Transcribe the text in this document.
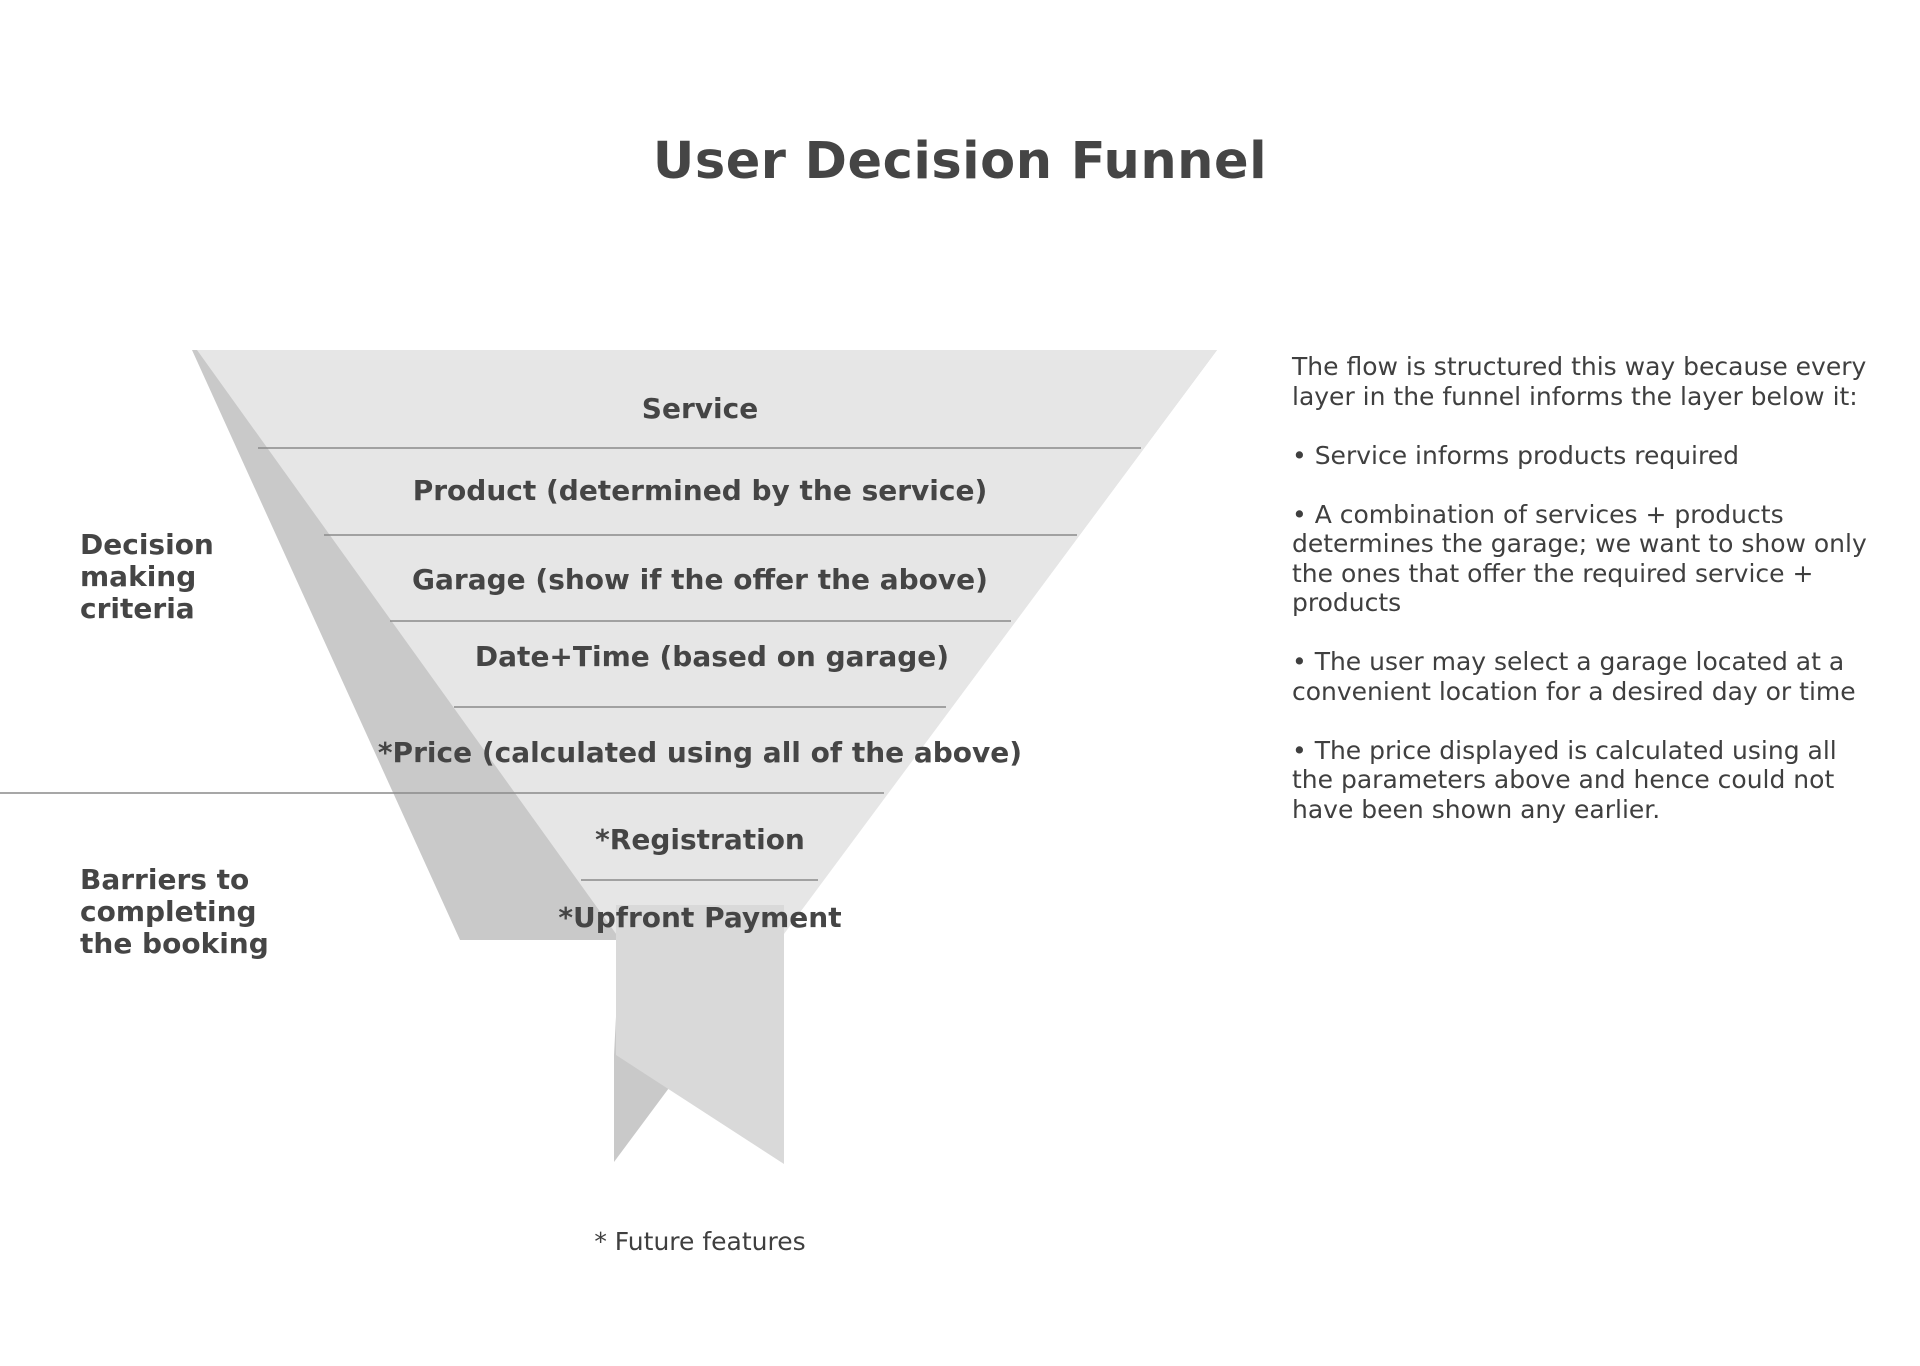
User Decision Funnel
Service
Product (determined by the service)
Garage (show if the offer the above)
Date+Time (based on garage)
*Price (calculated using all of the above)
*Registration
*Upfront Payment
Decision
making
criteria
Barriers to
completing
the booking

The flow is structured this way because every layer in the funnel informs the layer below it:

• Service informs products required

• A combination of services + products determines the garage; we want to show only the ones that offer the required service + products

• The user may select a garage located at a convenient location for a desired day or time

• The price displayed is calculated using all the parameters above and hence could not have been shown any earlier.

* Future features
